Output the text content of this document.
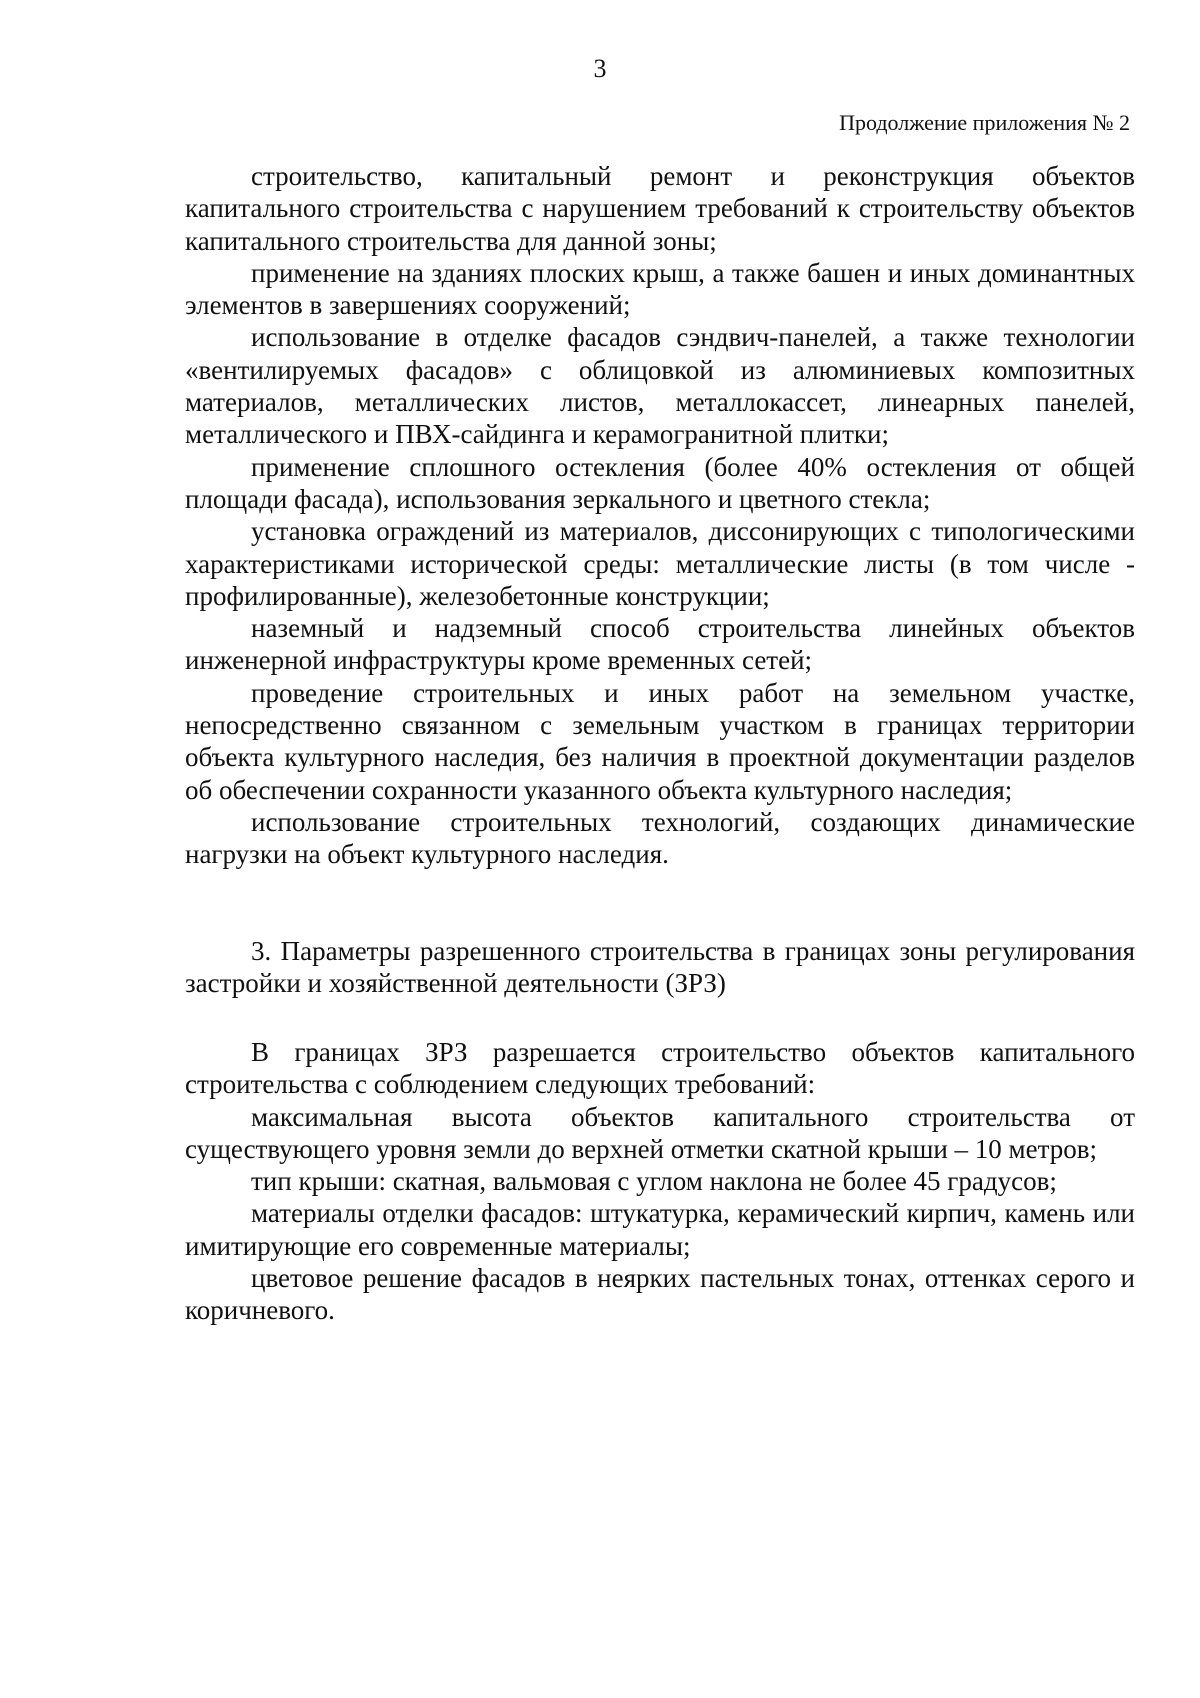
3
Продолжение приложения № 2

строительство, капитальный ремонт и реконструкция объектов капитального строительства с нарушением требований к строительству объектов капитального строительства для данной зоны;

применение на зданиях плоских крыш, а также башен и иных доминантных элементов в завершениях сооружений;

использование в отделке фасадов сэндвич-панелей, а также технологии «вентилируемых фасадов» с облицовкой из алюминиевых композитных материалов, металлических листов, металлокассет, линеарных панелей, металлического и ПВХ-сайдинга и керамогранитной плитки;

применение сплошного остекления (более 40% остекления от общей площади фасада), использования зеркального и цветного стекла;

установка ограждений из материалов, диссонирующих с типологическими характеристиками исторической среды: металлические листы (в том числе - профилированные), железобетонные конструкции;

наземный и надземный способ строительства линейных объектов инженерной инфраструктуры кроме временных сетей;

проведение строительных и иных работ на земельном участке, непосредственно связанном с земельным участком в границах территории объекта культурного наследия, без наличия в проектной документации разделов об обеспечении сохранности указанного объекта культурного наследия;

использование строительных технологий, создающих динамические нагрузки на объект культурного наследия.

3. Параметры разрешенного строительства в границах зоны регулирования застройки и хозяйственной деятельности (ЗРЗ)

В границах ЗРЗ разрешается строительство объектов капитального строительства с соблюдением следующих требований:

максимальная высота объектов капитального строительства от существующего уровня земли до верхней отметки скатной крыши – 10 метров;

тип крыши: скатная, вальмовая с углом наклона не более 45 градусов;

материалы отделки фасадов: штукатурка, керамический кирпич, камень или имитирующие его современные материалы;

цветовое решение фасадов в неярких пастельных тонах, оттенках серого и коричневого.
